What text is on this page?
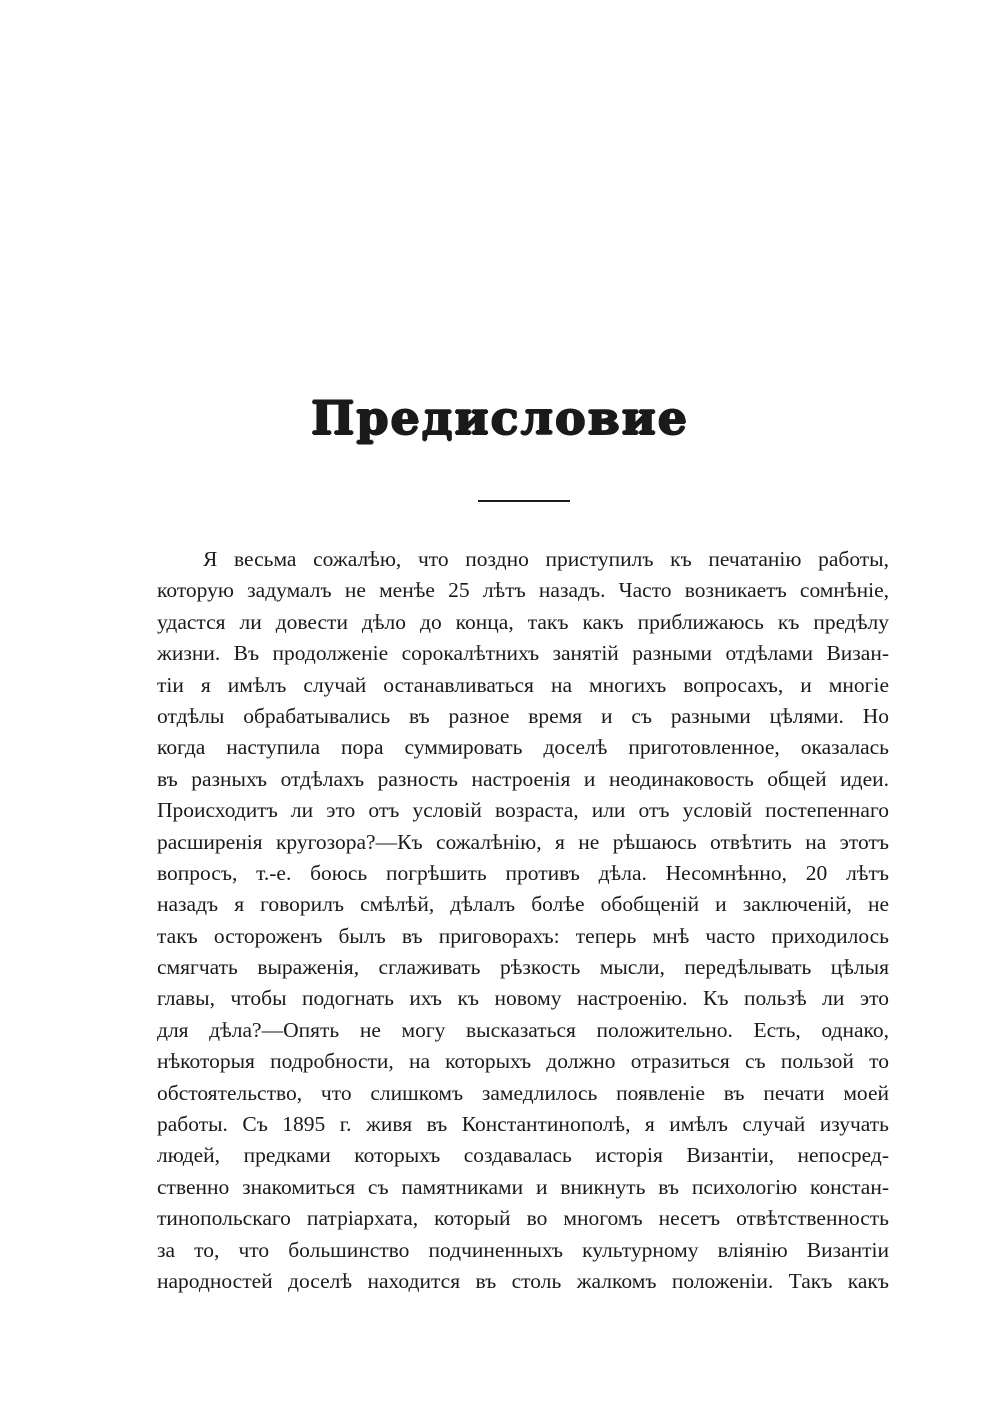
Предисловие
Я весьма сожалѣю, что поздно приступилъ къ печатанію работы,
которую задумалъ не менѣе 25 лѣтъ назадъ. Часто возникаетъ сомнѣніе,
удастся ли довести дѣло до конца, такъ какъ приближаюсь къ предѣлу
жизни. Въ продолженіе сорокалѣтнихъ занятій разными отдѣлами Визан-
тіи я имѣлъ случай останавливаться на многихъ вопросахъ, и многіе
отдѣлы обрабатывались въ разное время и съ разными цѣлями. Но
когда наступила пора суммировать доселѣ приготовленное, оказалась
въ разныхъ отдѣлахъ разность настроенія и неодинаковость общей идеи.
Происходитъ ли это отъ условій возраста, или отъ условій постепеннаго
расширенія кругозора?—Къ сожалѣнію, я не рѣшаюсь отвѣтить на этотъ
вопросъ, т.-е. боюсь погрѣшить противъ дѣла. Несомнѣнно, 20 лѣтъ
назадъ я говорилъ смѣлѣй, дѣлалъ болѣе обобщеній и заключеній, не
такъ остороженъ былъ въ приговорахъ: теперь мнѣ часто приходилось
смягчать выраженія, сглаживать рѣзкость мысли, передѣлывать цѣлыя
главы, чтобы подогнать ихъ къ новому настроенію. Къ пользѣ ли это
для дѣла?—Опять не могу высказаться положительно. Есть, однако,
нѣкоторыя подробности, на которыхъ должно отразиться съ пользой то
обстоятельство, что слишкомъ замедлилось появленіе въ печати моей
работы. Съ 1895 г. живя въ Константинополѣ, я имѣлъ случай изучать
людей, предками которыхъ создавалась исторія Византіи, непосред-
ственно знакомиться съ памятниками и вникнуть въ психологію констан-
тинопольскаго патріархата, который во многомъ несетъ отвѣтственность
за то, что большинство подчиненныхъ культурному вліянію Византіи
народностей доселѣ находится въ столь жалкомъ положеніи. Такъ какъ
